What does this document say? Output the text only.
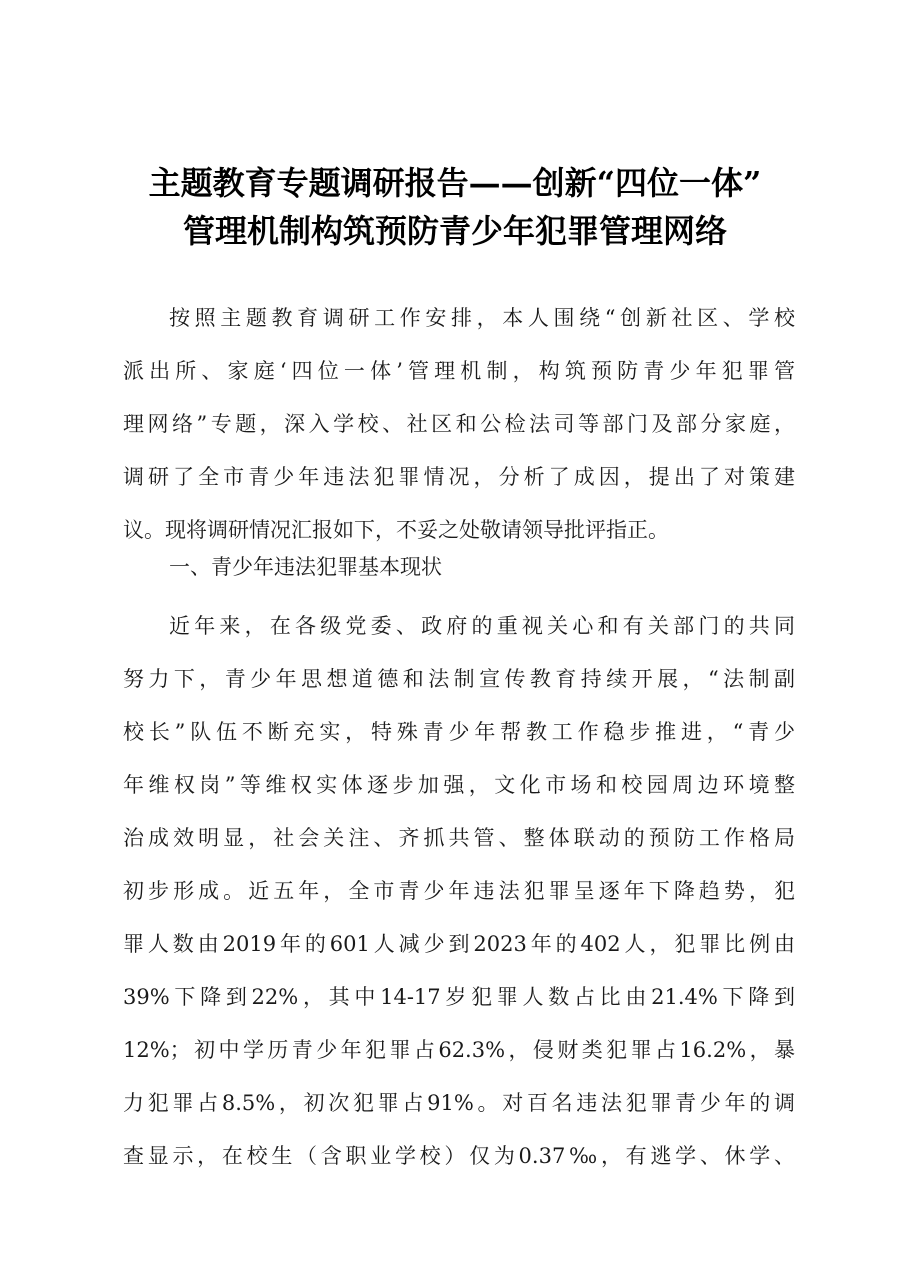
主题教育专题调研报告——创新“四位一体”
管理机制构筑预防青少年犯罪管理网络
按照主题教育调研工作安排，本人围绕“创新社区、学校
派出所、家庭‘四位一体’管理机制，构筑预防青少年犯罪管
理网络”专题，深入学校、社区和公检法司等部门及部分家庭，
调研了全市青少年违法犯罪情况，分析了成因，提出了对策建
议。现将调研情况汇报如下，不妥之处敬请领导批评指正。
一、青少年违法犯罪基本现状
近年来，在各级党委、政府的重视关心和有关部门的共同
努力下，青少年思想道德和法制宣传教育持续开展，“法制副
校长”队伍不断充实，特殊青少年帮教工作稳步推进，“青少
年维权岗”等维权实体逐步加强，文化市场和校园周边环境整
治成效明显，社会关注、齐抓共管、整体联动的预防工作格局
初步形成。近五年，全市青少年违法犯罪呈逐年下降趋势，犯
罪人数由2019年的601人减少到2023年的402人，犯罪比例由
39%下降到22%，其中14-17岁犯罪人数占比由21.4%下降到
12%；初中学历青少年犯罪占62.3%，侵财类犯罪占16.2%，暴
力犯罪占8.5%，初次犯罪占91%。对百名违法犯罪青少年的调
查显示，在校生（含职业学校）仅为0.37‰，有逃学、休学、
